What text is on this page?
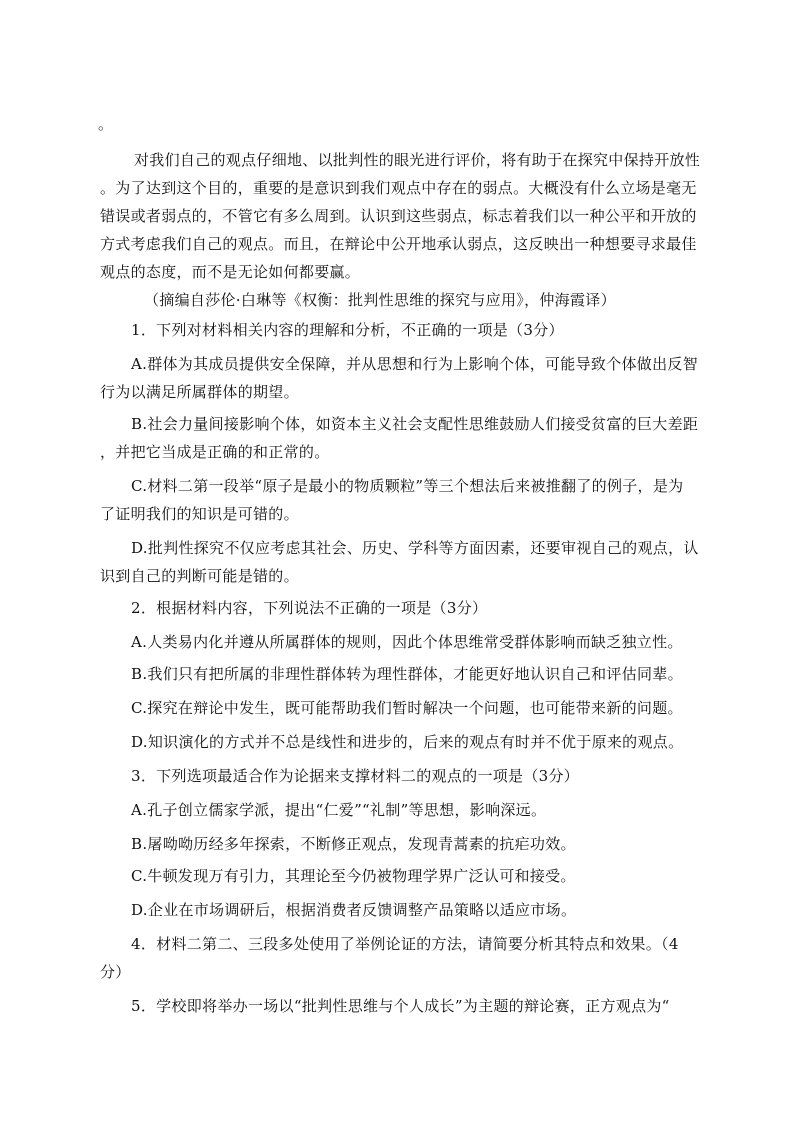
。
对我们自己的观点仔细地、以批判性的眼光进行评价，将有助于在探究中保持开放性
。为了达到这个目的，重要的是意识到我们观点中存在的弱点。大概没有什么立场是毫无
错误或者弱点的，不管它有多么周到。认识到这些弱点，标志着我们以一种公平和开放的
方式考虑我们自己的观点。而且，在辩论中公开地承认弱点，这反映出一种想要寻求最佳
观点的态度，而不是无论如何都要赢。
（摘编自莎伦·白琳等《权衡：批判性思维的探究与应用》，仲海霞译）
1．下列对材料相关内容的理解和分析，不正确的一项是（3分）
A.群体为其成员提供安全保障，并从思想和行为上影响个体，可能导致个体做出反智
行为以满足所属群体的期望。
B.社会力量间接影响个体，如资本主义社会支配性思维鼓励人们接受贫富的巨大差距
，并把它当成是正确的和正常的。
C.材料二第一段举“原子是最小的物质颗粒”等三个想法后来被推翻了的例子，是为
了证明我们的知识是可错的。
D.批判性探究不仅应考虑其社会、历史、学科等方面因素，还要审视自己的观点，认
识到自己的判断可能是错的。
2．根据材料内容，下列说法不正确的一项是（3分）
A.人类易内化并遵从所属群体的规则，因此个体思维常受群体影响而缺乏独立性。
B.我们只有把所属的非理性群体转为理性群体，才能更好地认识自己和评估同辈。
C.探究在辩论中发生，既可能帮助我们暂时解决一个问题，也可能带来新的问题。
D.知识演化的方式并不总是线性和进步的，后来的观点有时并不优于原来的观点。
3．下列选项最适合作为论据来支撑材料二的观点的一项是（3分）
A.孔子创立儒家学派，提出“仁爱”“礼制”等思想，影响深远。
B.屠呦呦历经多年探索，不断修正观点，发现青蒿素的抗疟功效。
C.牛顿发现万有引力，其理论至今仍被物理学界广泛认可和接受。
D.企业在市场调研后，根据消费者反馈调整产品策略以适应市场。
4．材料二第二、三段多处使用了举例论证的方法，请简要分析其特点和效果。（4
分）
5．学校即将举办一场以“批判性思维与个人成长”为主题的辩论赛，正方观点为“
